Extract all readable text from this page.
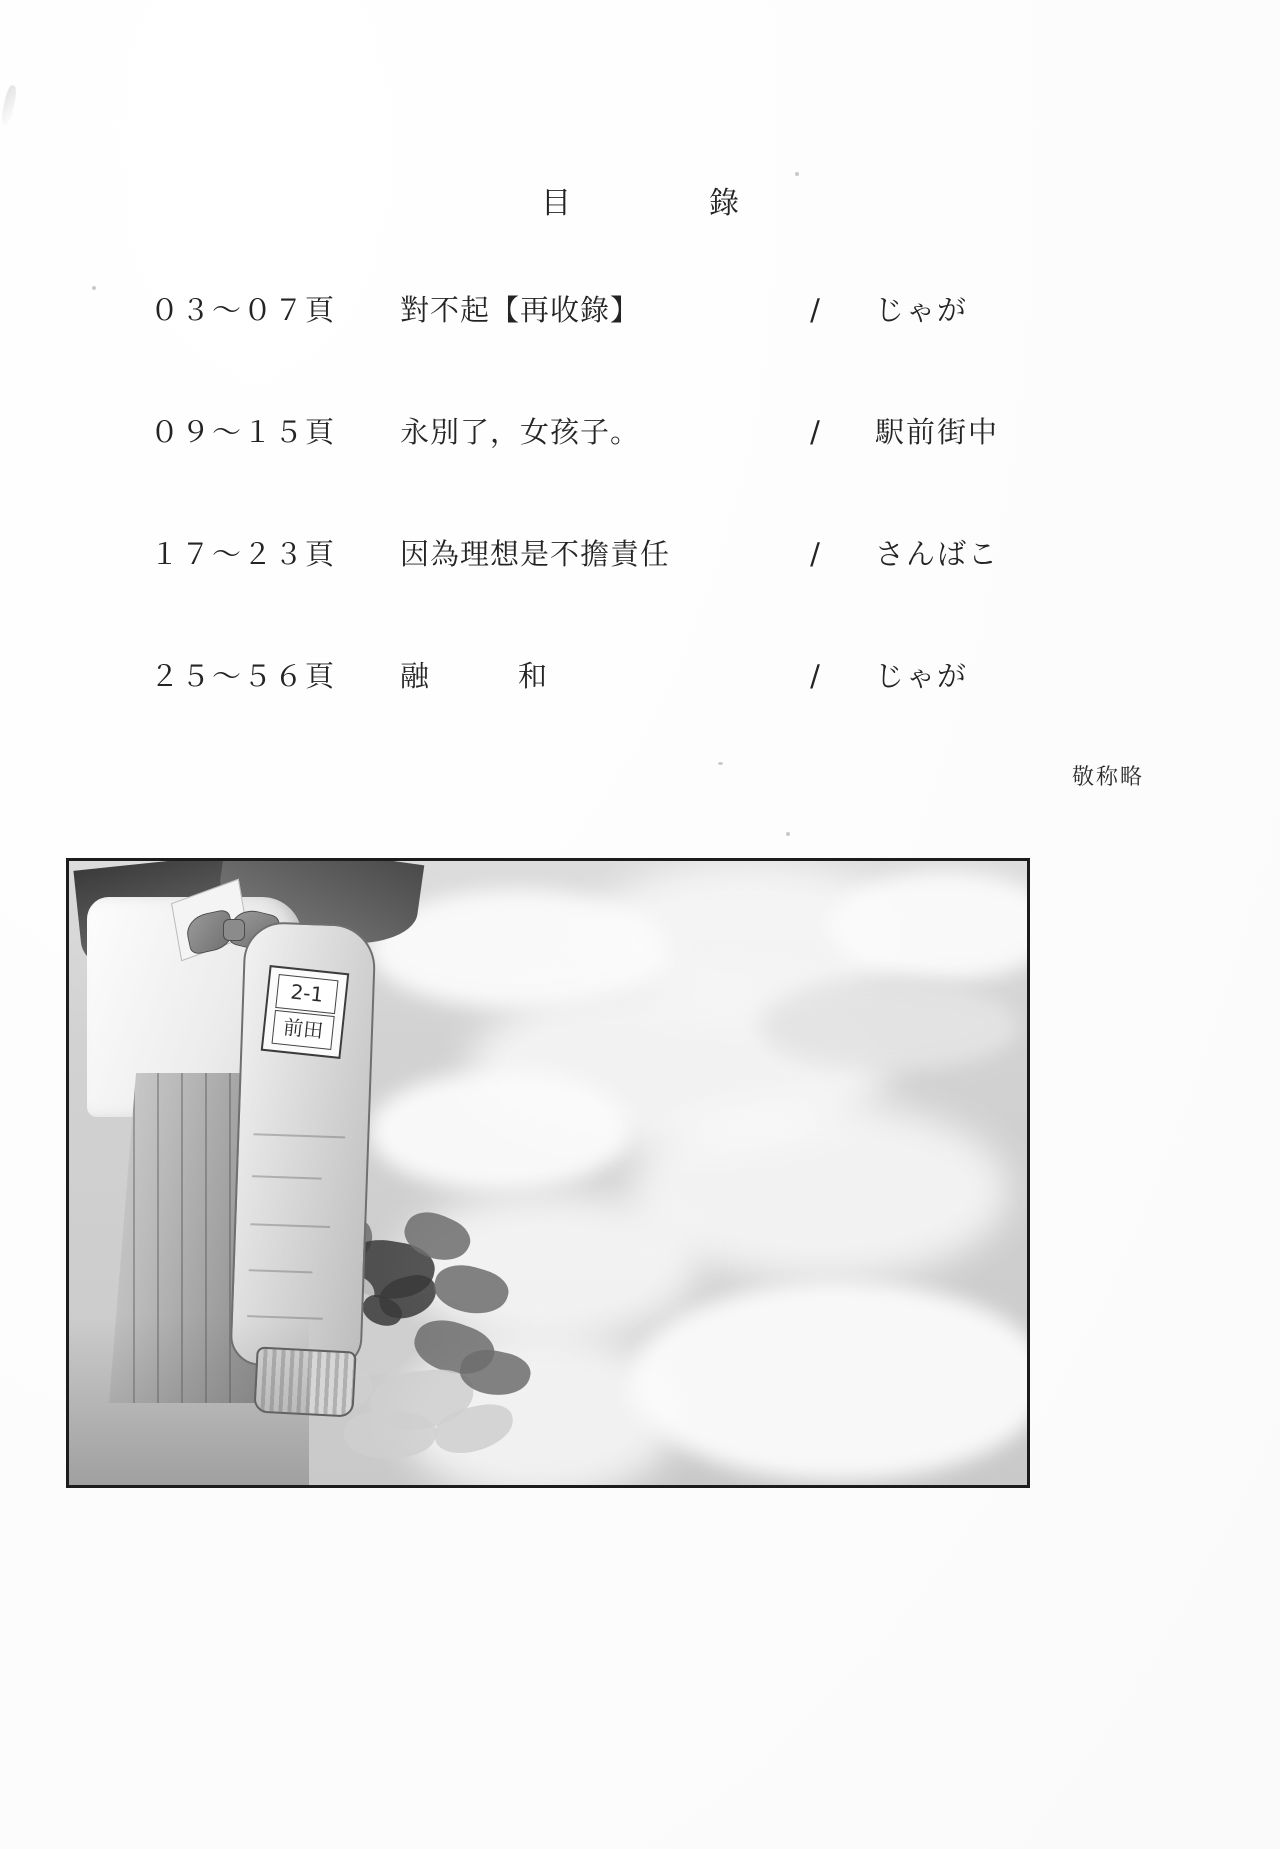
目　　錄
０３〜０７頁	對不起【再收錄】	/	じゃが
０９〜１５頁	永別了，女孩子。	/	駅前街中
１７〜２３頁	因為理想是不擔責任	/	さんばこ
２５〜５６頁	融　和	/	じゃが
敬称略
2-1
前田
